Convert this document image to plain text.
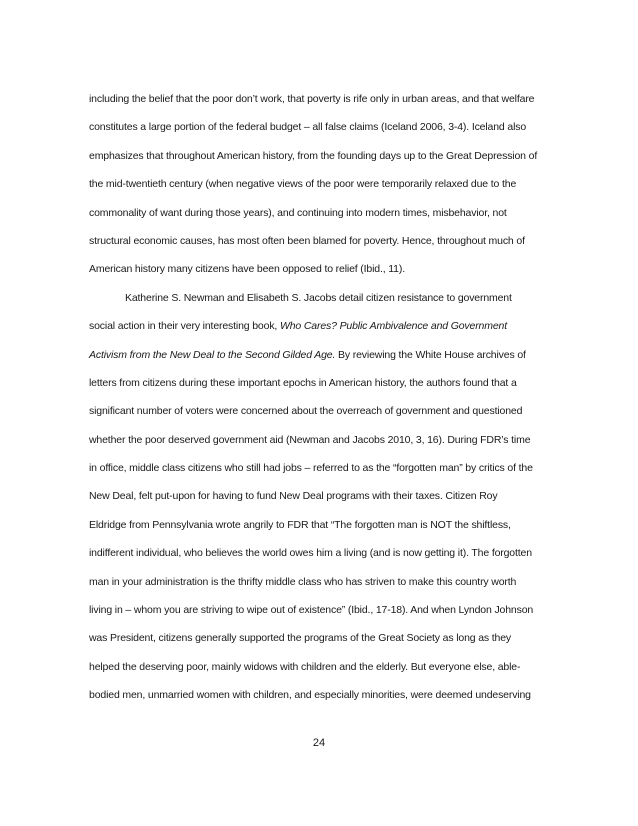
including the belief that the poor don’t work, that poverty is rife only in urban areas, and that welfare
constitutes a large portion of the federal budget – all false claims (Iceland 2006, 3-4). Iceland also
emphasizes that throughout American history, from the founding days up to the Great Depression of
the mid-twentieth century (when negative views of the poor were temporarily relaxed due to the
commonality of want during those years), and continuing into modern times, misbehavior, not
structural economic causes, has most often been blamed for poverty. Hence, throughout much of
American history many citizens have been opposed to relief (Ibid., 11).
Katherine S. Newman and Elisabeth S. Jacobs detail citizen resistance to government
social action in their very interesting book, Who Cares? Public Ambivalence and Government
Activism from the New Deal to the Second Gilded Age. By reviewing the White House archives of
letters from citizens during these important epochs in American history, the authors found that a
significant number of voters were concerned about the overreach of government and questioned
whether the poor deserved government aid (Newman and Jacobs 2010, 3, 16). During FDR’s time
in office, middle class citizens who still had jobs – referred to as the “forgotten man” by critics of the
New Deal, felt put-upon for having to fund New Deal programs with their taxes. Citizen Roy
Eldridge from Pennsylvania wrote angrily to FDR that “The forgotten man is NOT the shiftless,
indifferent individual, who believes the world owes him a living (and is now getting it). The forgotten
man in your administration is the thrifty middle class who has striven to make this country worth
living in – whom you are striving to wipe out of existence” (Ibid., 17-18). And when Lyndon Johnson
was President, citizens generally supported the programs of the Great Society as long as they
helped the deserving poor, mainly widows with children and the elderly. But everyone else, able-
bodied men, unmarried women with children, and especially minorities, were deemed undeserving
24
